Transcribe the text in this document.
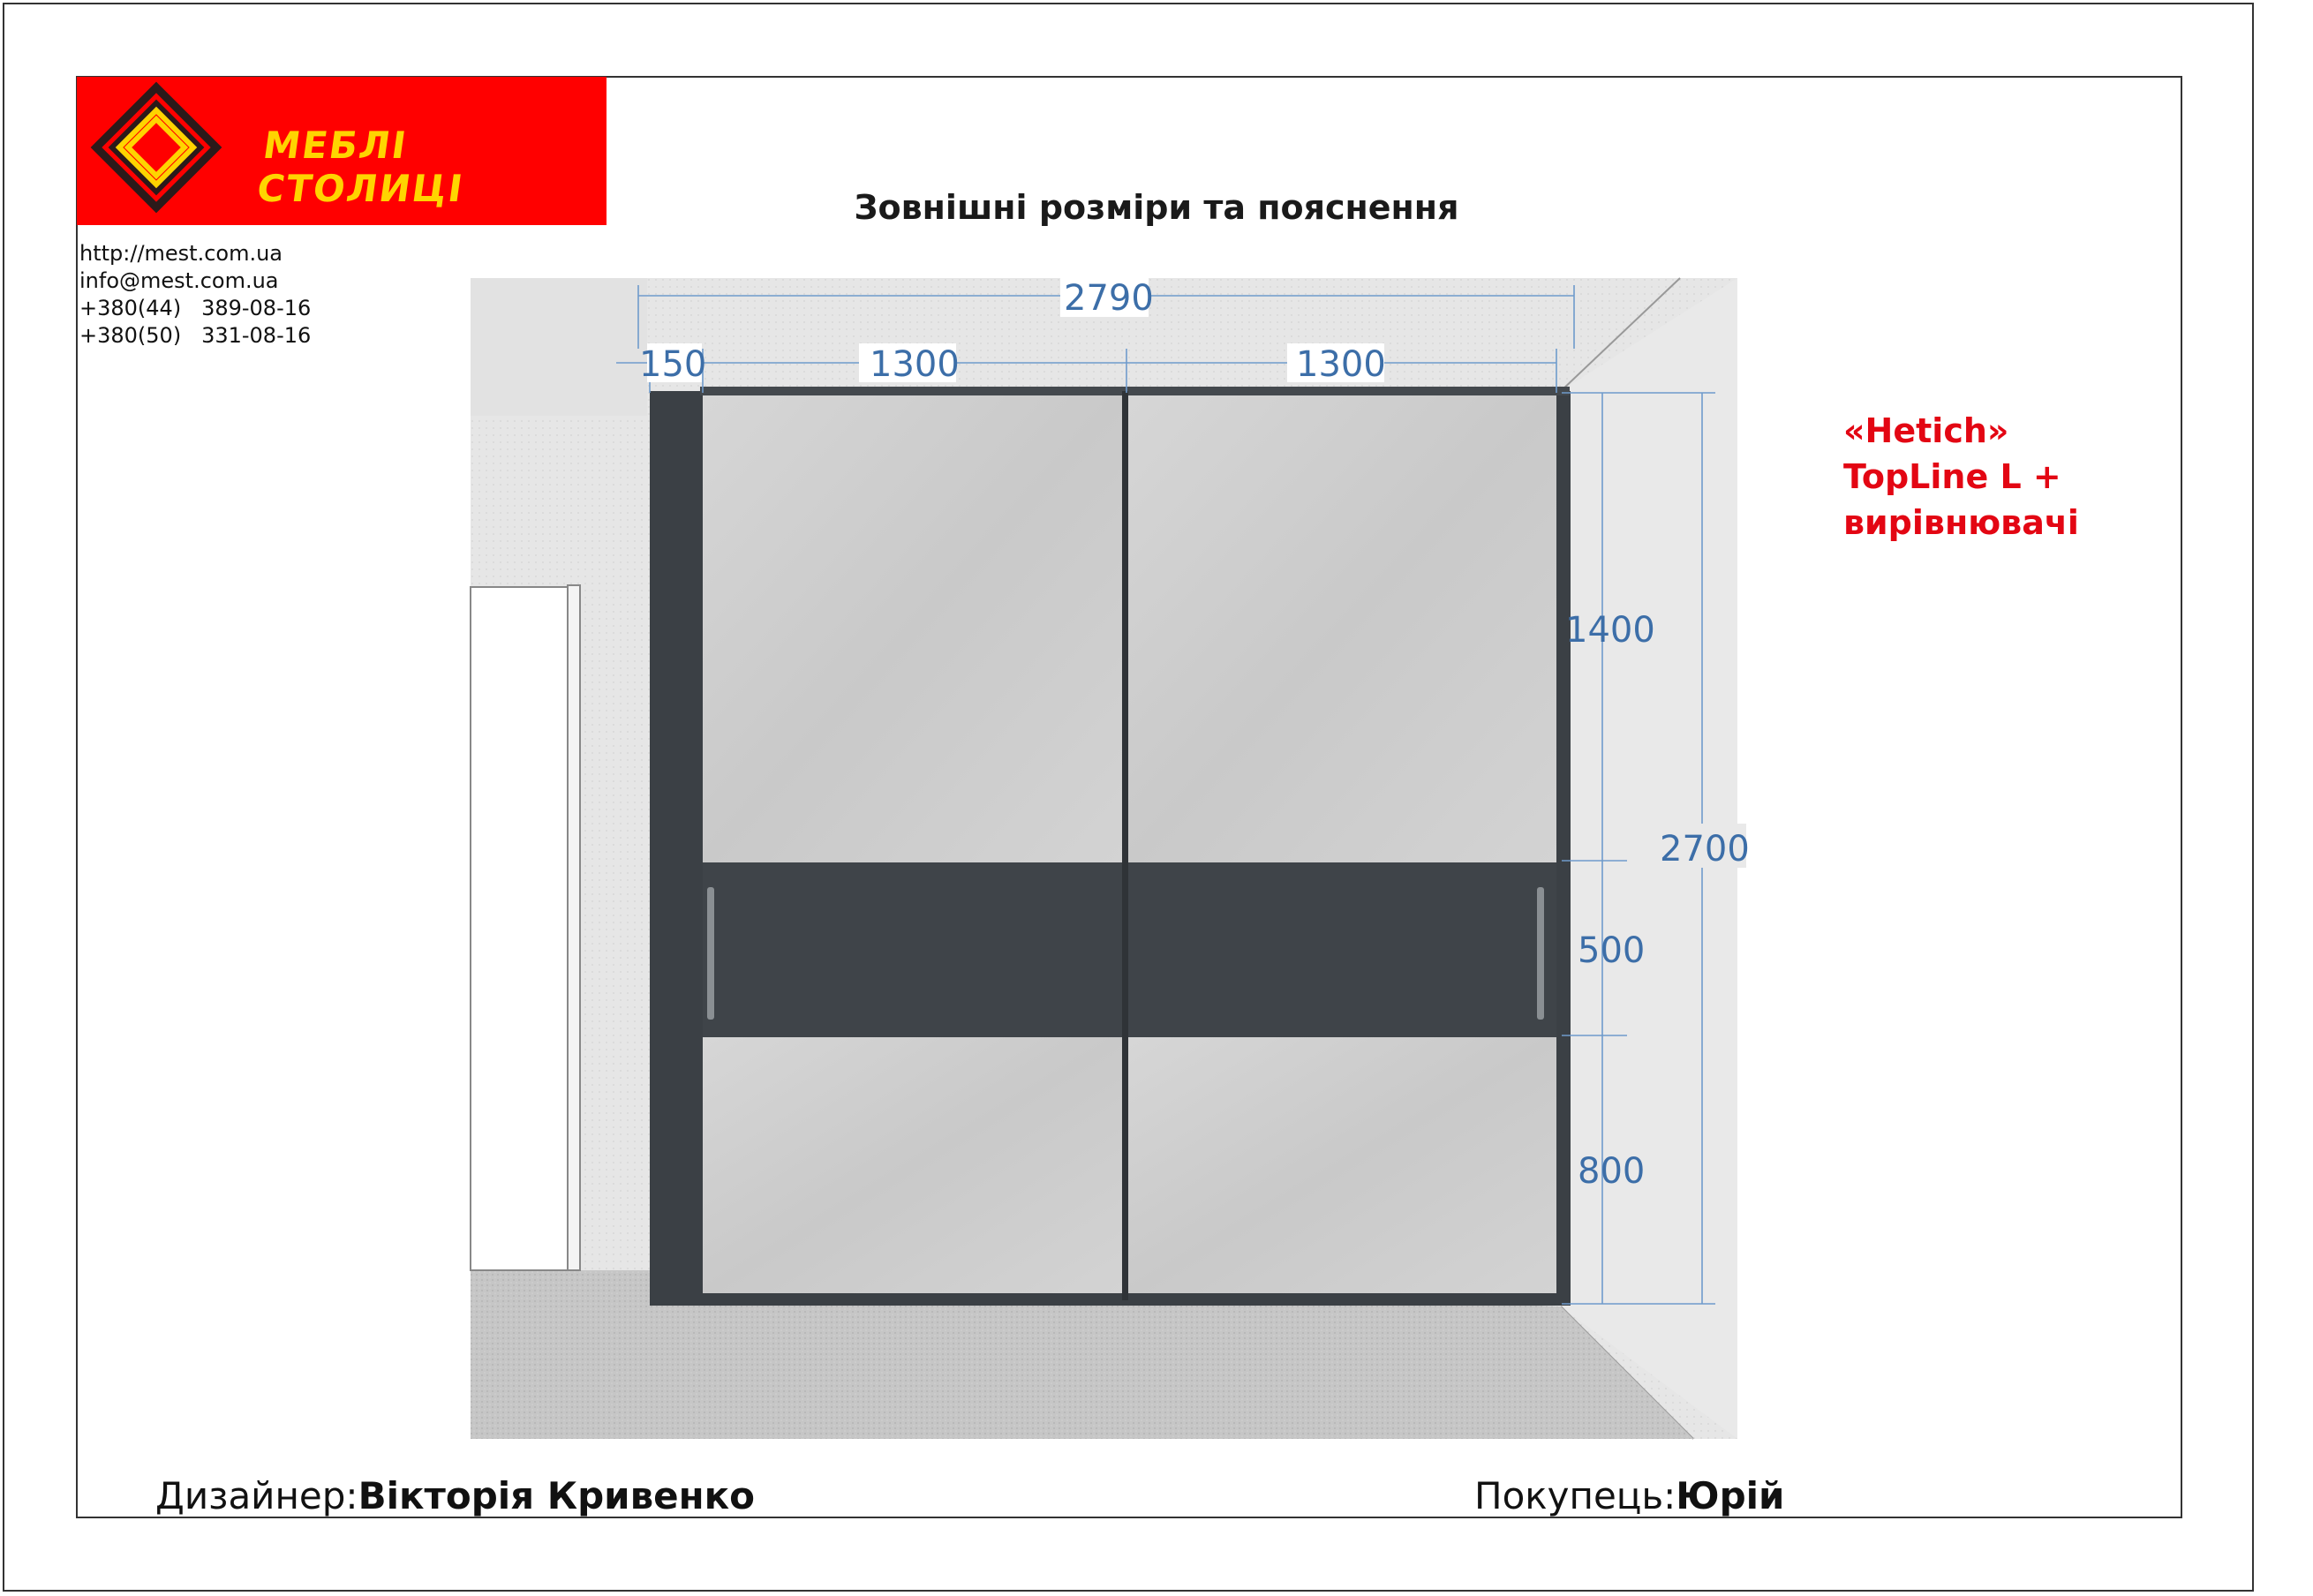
МЕБЛІ СТОЛИЦІ
http://mest.com.ua
info@mest.com.ua
+380(44)   389-08-16
+380(50)   331-08-16
Зовнішні розміри та пояснення
2790
150	1300	1300
1400
2700
500
800
«Hetich»
TopLine L +
вирівнювачі
Дизайнер:Вікторія Кривенко	Покупець:Юрій
